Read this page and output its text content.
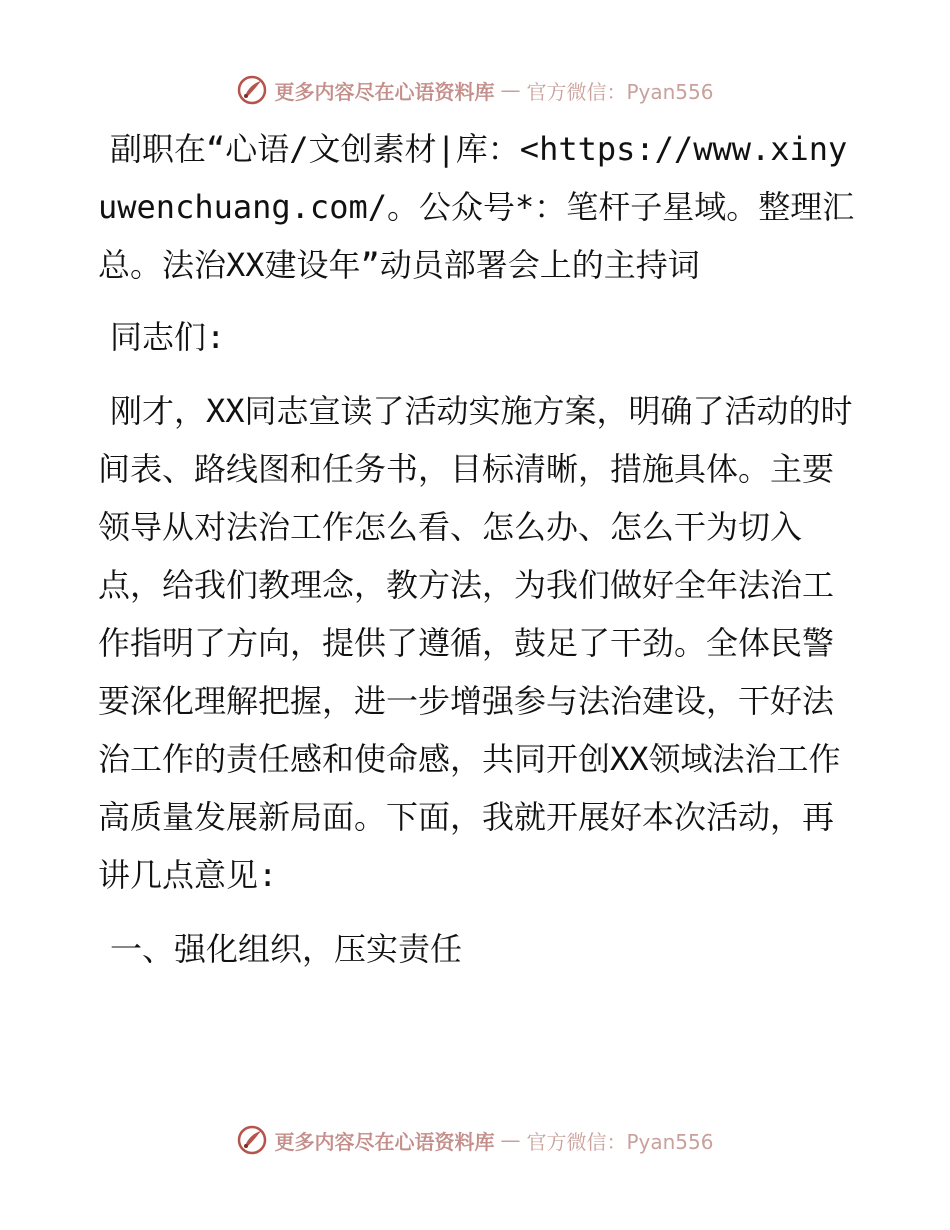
更多内容尽在心语资料库 — 官方微信：Pyan556

副职在“心语/文创素材|库：<https://www.xinyuwenchuang.com/。公众号*：笔杆子星域。整理汇总。法治XX建设年”动员部署会上的主持词

同志们:

刚才，XX同志宣读了活动实施方案，明确了活动的时间表、路线图和任务书，目标清晰，措施具体。主要领导从对法治工作怎么看、怎么办、怎么干为切入点，给我们教理念，教方法，为我们做好全年法治工作指明了方向，提供了遵循，鼓足了干劲。全体民警要深化理解把握，进一步增强参与法治建设，干好法治工作的责任感和使命感，共同开创XX领域法治工作高质量发展新局面。下面，我就开展好本次活动，再讲几点意见:

一、强化组织，压实责任

更多内容尽在心语资料库 — 官方微信：Pyan556
